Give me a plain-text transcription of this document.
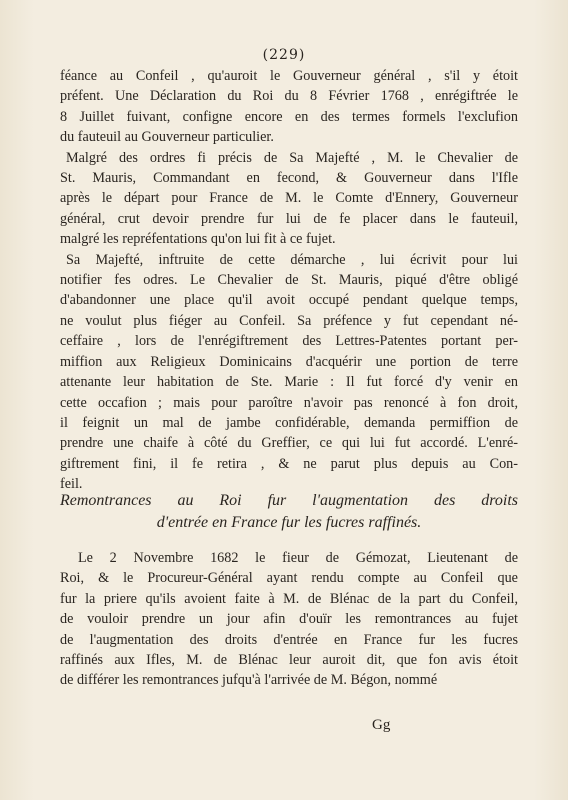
(229)
féance au Confeil , qu'auroit le Gouverneur général , s'il y étoit
préfent. Une Déclaration du Roi du 8 Février 1768 , enrégiftrée le
8 Juillet fuivant, configne encore en des termes formels l'exclufion
du fauteuil au Gouverneur particulier.
Malgré des ordres fi précis de Sa Majefté , M. le Chevalier de
St. Mauris, Commandant en fecond, & Gouverneur dans l'Ifle
après le départ pour France de M. le Comte d'Ennery, Gouverneur
général, crut devoir prendre fur lui de fe placer dans le fauteuil,
malgré les repréfentations qu'on lui fit à ce fujet.
Sa Majefté, inftruite de cette démarche , lui écrivit pour lui
notifier fes odres. Le Chevalier de St. Mauris, piqué d'être obligé
d'abandonner une place qu'il avoit occupé pendant quelque temps,
ne voulut plus fiéger au Confeil. Sa préfence y fut cependant né-
ceffaire , lors de l'enrégiftrement des Lettres-Patentes portant per-
miffion aux Religieux Dominicains d'acquérir une portion de terre
attenante leur habitation de Ste. Marie : Il fut forcé d'y venir en
cette occafion ; mais pour paroître n'avoir pas renoncé à fon droit,
il feignit un mal de jambe confidérable, demanda permiffion de
prendre une chaife à côté du Greffier, ce qui lui fut accordé. L'enré-
giftrement fini, il fe retira , & ne parut plus depuis au Con-
feil.
Remontrances au Roi fur l'augmentation des droits
d'entrée en France fur les fucres raffinés.
Le 2 Novembre 1682 le fieur de Gémozat, Lieutenant de
Roi, & le Procureur-Général ayant rendu compte au Confeil que
fur la priere qu'ils avoient faite à M. de Blénac de la part du Confeil,
de vouloir prendre un jour afin d'ouïr les remontrances au fujet
de l'augmentation des droits d'entrée en France fur les fucres
raffinés aux Ifles, M. de Blénac leur auroit dit, que fon avis étoit
de différer les remontrances jufqu'à l'arrivée de M. Bégon, nommé
Gg
